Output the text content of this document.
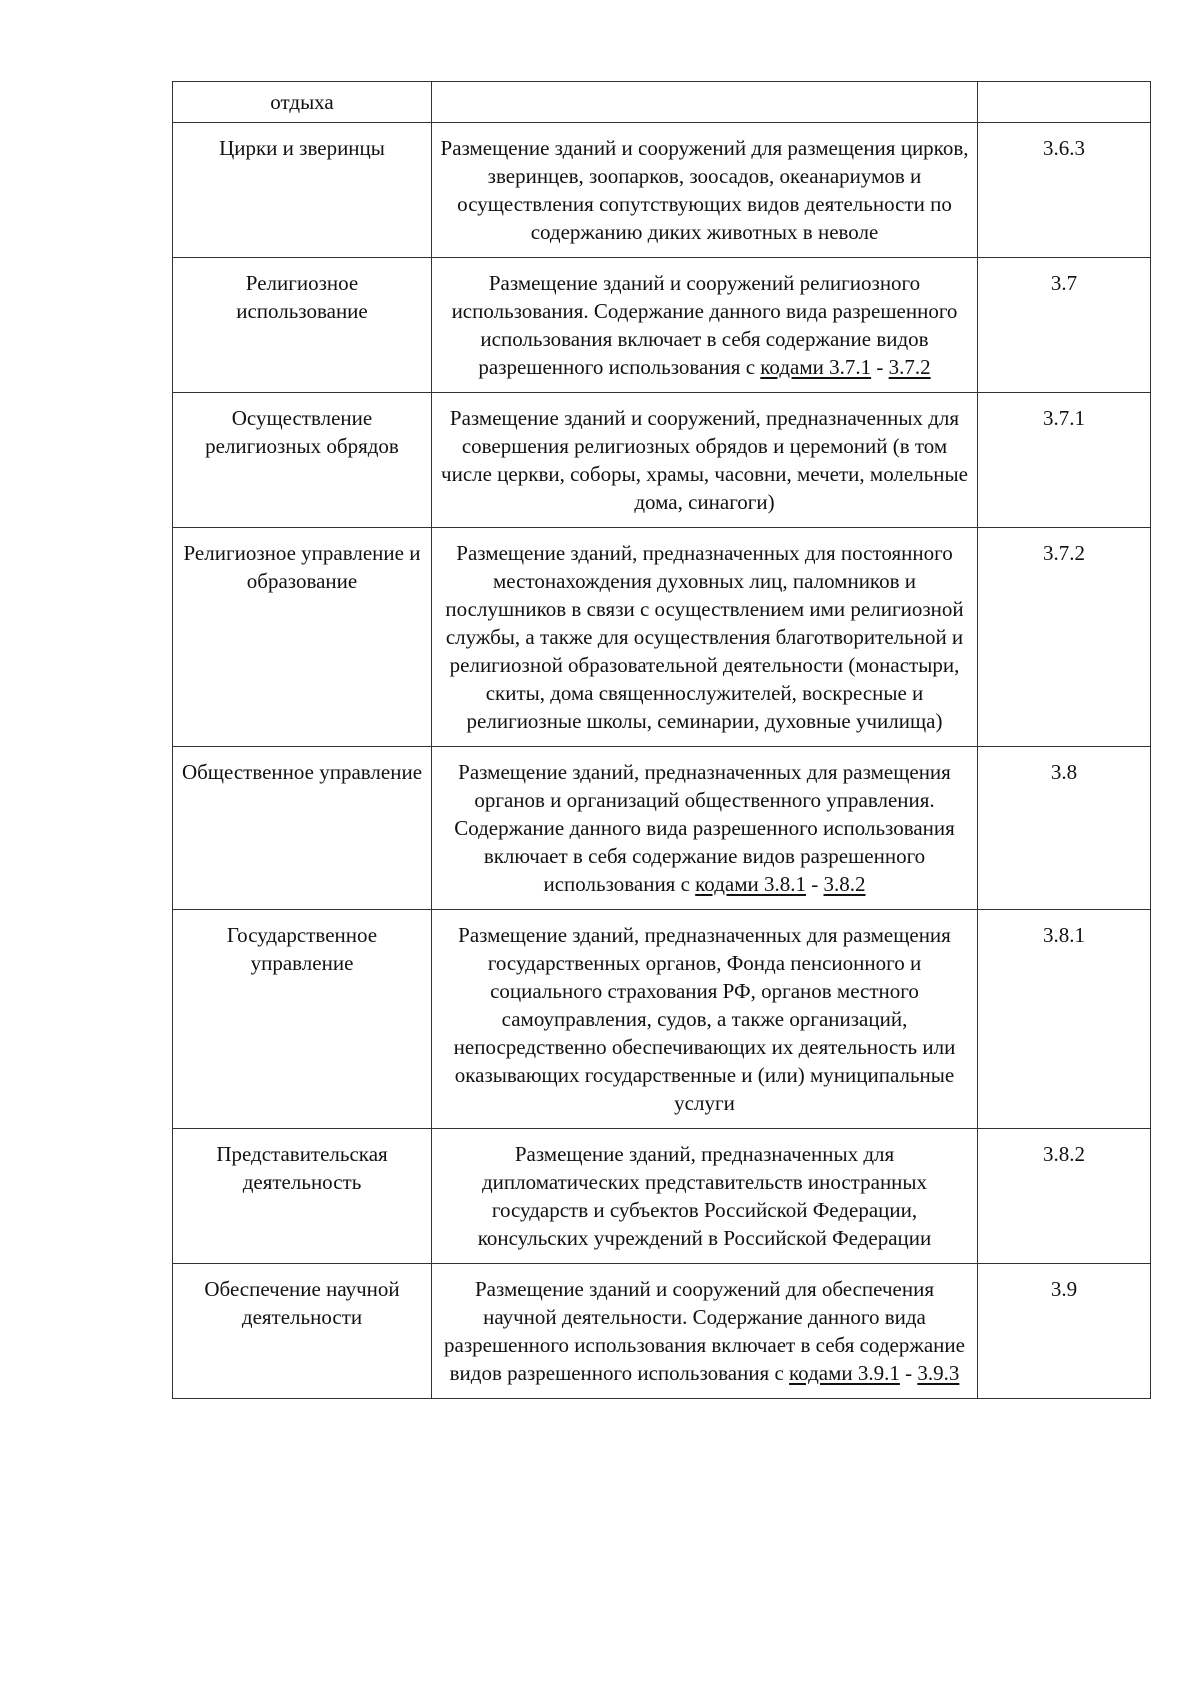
отдыха		
Цирки и зверинцы	Размещение зданий и сооружений для размещения цирков, зверинцев, зоопарков, зоосадов, океанариумов и осуществления сопутствующих видов деятельности по содержанию диких животных в неволе	3.6.3
Религиозное использование	Размещение зданий и сооружений религиозного использования. Содержание данного вида разрешенного использования включает в себя содержание видов разрешенного использования с кодами 3.7.1 - 3.7.2	3.7
Осуществление религиозных обрядов	Размещение зданий и сооружений, предназначенных для совершения религиозных обрядов и церемоний (в том числе церкви, соборы, храмы, часовни, мечети, молельные дома, синагоги)	3.7.1
Религиозное управление и образование	Размещение зданий, предназначенных для постоянного местонахождения духовных лиц, паломников и послушников в связи с осуществлением ими религиозной службы, а также для осуществления благотворительной и религиозной образовательной деятельности (монастыри, скиты, дома священнослужителей, воскресные и религиозные школы, семинарии, духовные училища)	3.7.2
Общественное управление	Размещение зданий, предназначенных для размещения органов и организаций общественного управления. Содержание данного вида разрешенного использования включает в себя содержание видов разрешенного использования с кодами 3.8.1 - 3.8.2	3.8
Государственное управление	Размещение зданий, предназначенных для размещения государственных органов, Фонда пенсионного и социального страхования РФ, органов местного самоуправления, судов, а также организаций, непосредственно обеспечивающих их деятельность или оказывающих государственные и (или) муниципальные услуги	3.8.1
Представительская деятельность	Размещение зданий, предназначенных для дипломатических представительств иностранных государств и субъектов Российской Федерации, консульских учреждений в Российской Федерации	3.8.2
Обеспечение научной деятельности	Размещение зданий и сооружений для обеспечения научной деятельности. Содержание данного вида разрешенного использования включает в себя содержание видов разрешенного использования с кодами 3.9.1 - 3.9.3	3.9
